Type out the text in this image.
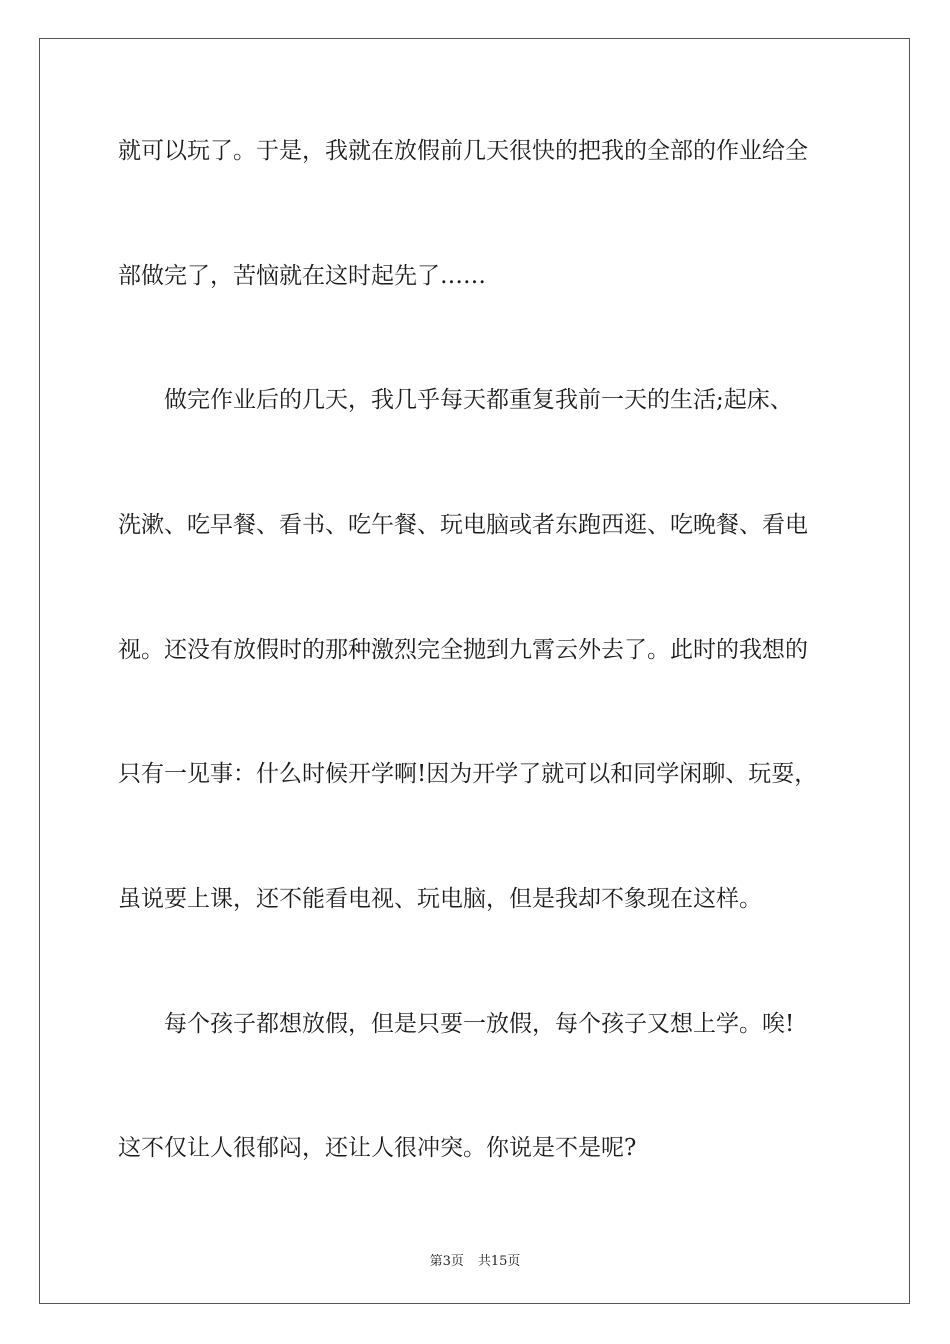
就可以玩了。于是，我就在放假前几天很快的把我的全部的作业给全
部做完了，苦恼就在这时起先了……
做完作业后的几天，我几乎每天都重复我前一天的生活;起床、
洗漱、吃早餐、看书、吃午餐、玩电脑或者东跑西逛、吃晚餐、看电
视。还没有放假时的那种激烈完全抛到九霄云外去了。此时的我想的
只有一见事：什么时候开学啊!因为开学了就可以和同学闲聊、玩耍，
虽说要上课，还不能看电视、玩电脑，但是我却不象现在这样。
每个孩子都想放假，但是只要一放假，每个孩子又想上学。唉!
这不仅让人很郁闷，还让人很冲突。你说是不是呢?
第3页 共15页
